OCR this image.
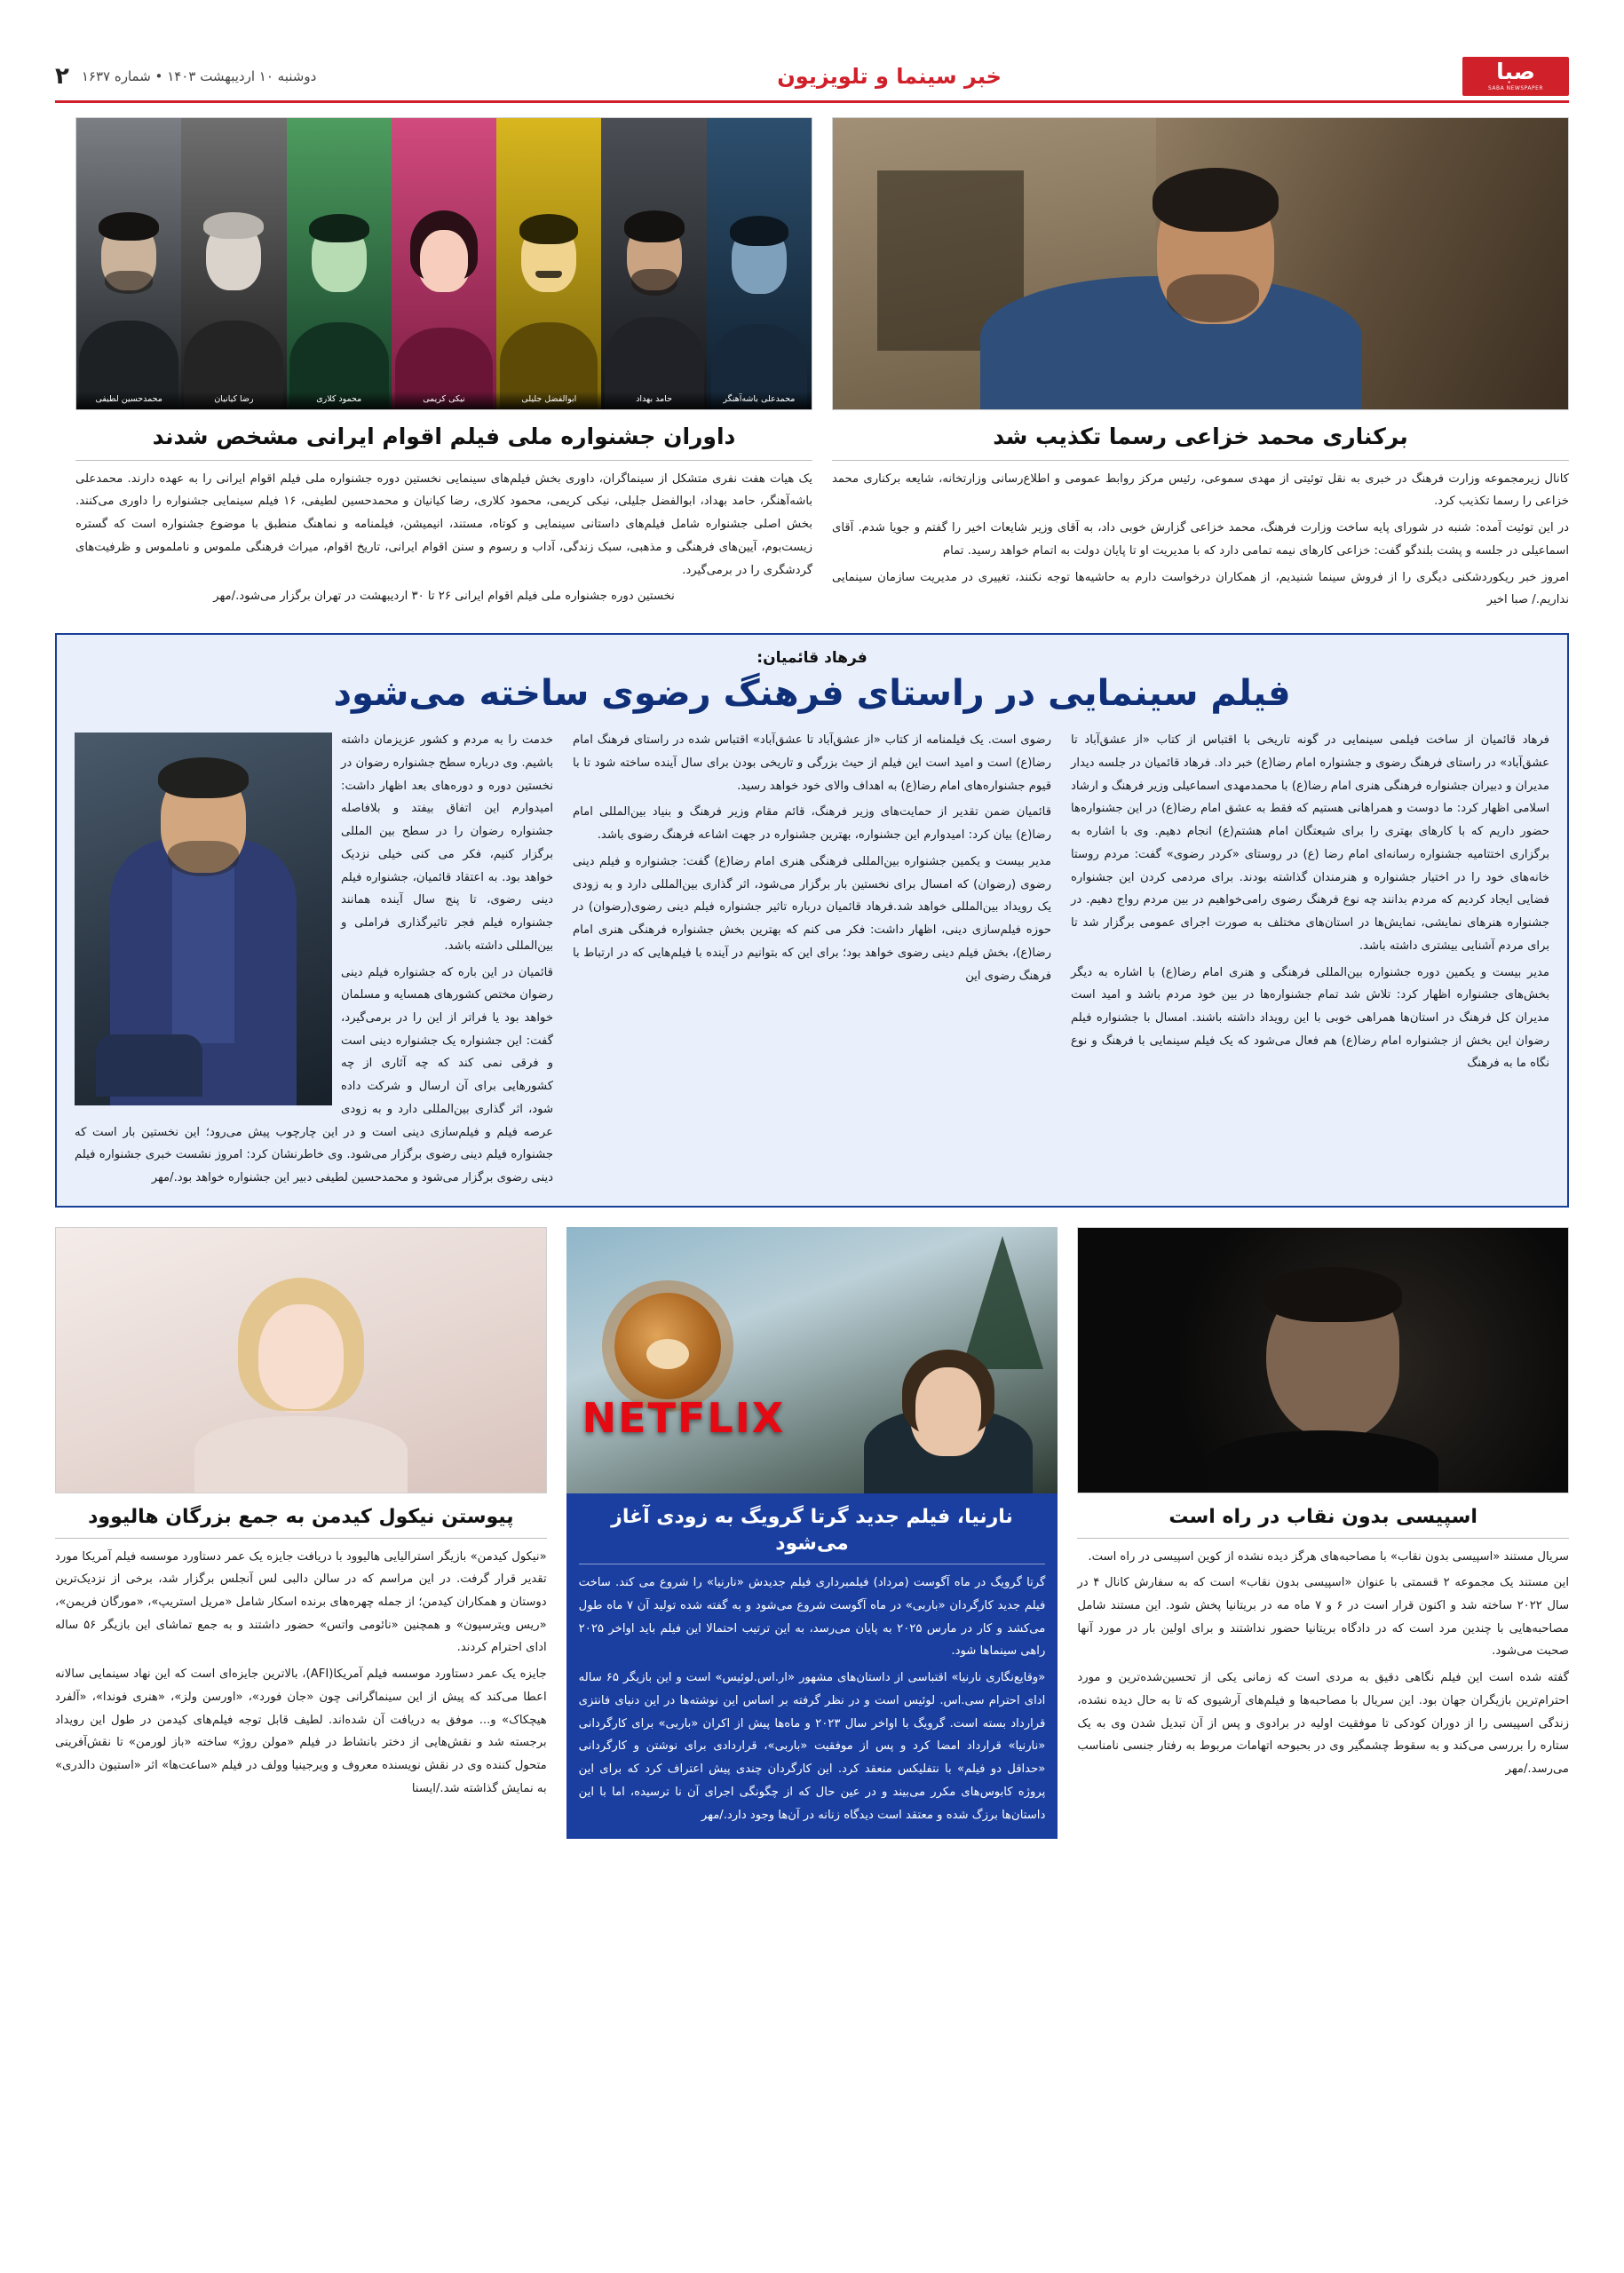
صبا
SABA NEWSPAPER
خبر سینما و تلویزیون
دوشنبه ۱۰ اردیبهشت ۱۴۰۳ • شماره ۱۶۳۷
۲
برکناری محمد خزاعی رسما تکذیب شد

کانال زیرمجموعه وزارت فرهنگ در خبری به نقل توئیتی از مهدی سموعی، رئیس مرکز روابط عمومی و اطلاع‌رسانی وزارتخانه، شایعه برکناری محمد خزاعی را رسما تکذیب کرد.

در این توئیت آمده: شنبه در شورای پایه ساخت وزارت فرهنگ، محمد خزاعی گزارش خوبی داد، به آقای وزیر شایعات اخیر را گفتم و جویا شدم. آقای اسماعیلی در جلسه و پشت بلندگو گفت: خزاعی کارهای نیمه تمامی دارد که با مدیریت او تا پایان دولت به اتمام خواهد رسید. تمام

امروز خبر ریکوردشکنی دیگری را از فروش سینما شنیدیم، از همکاران درخواست دارم به حاشیه‌ها توجه نکنند، تغییری در مدیریت سازمان سینمایی نداریم./ صبا اخیر

محمدعلی باشه‌آهنگر
حامد بهداد
ابوالفضل جلیلی
نیکی کریمی
محمود کلاری
رضا کیانیان
محمدحسین لطیفی
داوران جشنواره ملی فیلم اقوام ایرانی مشخص شدند

یک هیات هفت نفری متشکل از سینماگران، داوری بخش فیلم‌های سینمایی نخستین دوره جشنواره ملی فیلم اقوام ایرانی را به عهده دارند. محمدعلی باشه‌آهنگر، حامد بهداد، ابوالفضل جلیلی، نیکی کریمی، محمود کلاری، رضا کیانیان و محمدحسین لطیفی، ۱۶ فیلم سینمایی جشنواره را داوری می‌کنند. بخش اصلی جشنواره شامل فیلم‌های داستانی سینمایی و کوتاه، مستند، انیمیشن، فیلمنامه و نماهنگ منطبق با موضوع جشنواره است که گستره زیست‌بوم، آیین‌های فرهنگی و مذهبی، سبک زندگی، آداب و رسوم و سنن اقوام ایرانی، تاریخ اقوام، میراث فرهنگی ملموس و ناملموس و ظرفیت‌های گردشگری را در برمی‌گیرد.

نخستین دوره جشنواره ملی فیلم اقوام ایرانی ۲۶ تا ۳۰ اردیبهشت در تهران برگزار می‌شود./مهر

فرهاد قائمیان:
فیلم سینمایی در راستای فرهنگ رضوی ساخته می‌شود

فرهاد قائمیان از ساخت فیلمی سینمایی در گونه تاریخی با اقتباس از کتاب «از عشق‌آباد تا عشق‌آباد» در راستای فرهنگ رضوی و جشنواره امام رضا(ع) خبر داد. فرهاد قائمیان در جلسه دیدار مدیران و دبیران جشنواره فرهنگی هنری امام رضا(ع) با محمدمهدی اسماعیلی وزیر فرهنگ و ارشاد اسلامی اظهار کرد: ما دوست و همراهانی هستیم که فقط به عشق امام رضا(ع) در این جشنواره‌ها حضور داریم که با کارهای بهتری را برای شیعتگان امام هشتم(ع) انجام دهیم. وی با اشاره به برگزاری اختتامیه جشنواره رسانه‌ای امام رضا (ع) در روستای «کردر رضوی» گفت: مردم روستا خانه‌های خود را در اختیار جشنواره و هنرمندان گذاشته بودند. برای مردمی کردن این جشنواره فضایی ایجاد کردیم که مردم بدانند چه نوع فرهنگ رضوی رامی‌خواهیم در بین مردم رواج دهیم. در جشنواره هنرهای نمایشی، نمایش‌ها در استان‌های مختلف به صورت اجرای عمومی برگزار شد تا برای مردم آشنایی بیشتری داشته باشد.

مدیر بیست و یکمین دوره جشنواره بین‌المللی فرهنگی و هنری امام رضا(ع) با اشاره به دیگر بخش‌های جشنواره اظهار کرد: تلاش شد تمام جشنواره‌ها در بین خود مردم باشد و امید است مدیران کل فرهنگ در استان‌ها همراهی خوبی با این رویداد داشته باشند. امسال با جشنواره فیلم رضوان این بخش از جشنواره امام رضا(ع) هم فعال می‌شود که یک فیلم سینمایی با فرهنگ و نوع نگاه ما به فرهنگ

رضوی است. یک فیلمنامه از کتاب «از عشق‌آباد تا عشق‌آباد» اقتباس شده در راستای فرهنگ امام رضا(ع) است و امید است این فیلم از حیث بزرگی و تاریخی بودن برای سال آینده ساخته شود تا با قیوم جشنواره‌های امام رضا(ع) به اهداف والای خود خواهد رسید.

قائمیان ضمن تقدیر از حمایت‌های وزیر فرهنگ، قائم مقام وزیر فرهنگ و بنیاد بین‌المللی امام رضا(ع) بیان کرد: امیدوارم این جشنواره، بهترین جشنواره در جهت اشاعه فرهنگ رضوی باشد.

مدیر بیست و یکمین جشنواره بین‌المللی فرهنگی هنری امام رضا(ع) گفت: جشنواره و فیلم دینی رضوی (رضوان) که امسال برای نخستین بار برگزار می‌شود، اثر گذاری بین‌المللی دارد و به زودی یک رویداد بین‌المللی خواهد شد.فرهاد قائمیان درباره تاثیر جشنواره فیلم دینی رضوی(رضوان) در حوزه فیلم‌سازی دینی، اظهار داشت: فکر می کنم که بهترین بخش جشنواره فرهنگی هنری امام رضا(ع)، بخش فیلم دینی رضوی خواهد بود؛ برای این که بتوانیم در آینده با فیلم‌هایی که در ارتباط با فرهنگ رضوی این

خدمت را به مردم و کشور عزیزمان داشته باشیم. وی درباره سطح جشنواره رضوان در نخستین دوره و دوره‌های بعد اظهار داشت: امیدوارم این اتفاق بیفتد و بلافاصله جشنواره رضوان را در سطح بین المللی برگزار کنیم، فکر می کنی خیلی نزدیک خواهد بود. به اعتقاد قائمیان، جشنواره فیلم دینی رضوی، تا پنج سال آینده همانند جشنواره فیلم فجر تاثیرگذاری فراملی و بین‌المللی داشته باشد.

قائمیان در این باره که جشنواره فیلم دینی رضوان مختص کشورهای همسایه و مسلمان خواهد بود یا فراتر از این را در برمی‌گیرد، گفت: این جشنواره یک جشنواره دینی است و فرقی نمی کند که چه آثاری از چه کشورهایی برای آن ارسال و شرکت داده شود، اثر گذاری بین‌المللی دارد و به زودی عرصه فیلم و فیلم‌سازی دینی است و در این چارچوب پیش می‌رود؛ این نخستین بار است که جشنواره فیلم دینی رضوی برگزار می‌شود. وی خاطرنشان کرد: امروز نشست خبری جشنواره فیلم دینی رضوی برگزار می‌شود و محمدحسین لطیفی دبیر این جشنواره خواهد بود./مهر

اسپیسی بدون نقاب در راه است

سریال مستند «اسپیسی بدون نقاب» با مصاحبه‌های هرگز دیده نشده از کوین اسپیسی در راه است.

این مستند یک مجموعه ۲ قسمتی با عنوان «اسپیسی بدون نقاب» است که به سفارش کانال ۴ در سال ۲۰۲۲ ساخته شد و اکنون قرار است در ۶ و ۷ ماه مه در بریتانیا پخش شود. این مستند شامل مصاحبه‌هایی با چندین مرد است که در دادگاه بریتانیا حضور نداشتند و برای اولین بار در مورد آنها صحبت می‌شود.

گفته شده است این فیلم نگاهی دقیق به مردی است که زمانی یکی از تحسین‌شده‌ترین و مورد احترام‌ترین بازیگران جهان بود. این سریال با مصاحبه‌ها و فیلم‌های آرشیوی که تا به حال دیده نشده، زندگی اسپیسی را از دوران کودکی تا موفقیت اولیه در برادوی و پس از آن تبدیل شدن وی به یک ستاره را بررسی می‌کند و به سقوط چشمگیر وی در بحبوحه اتهامات مربوط به رفتار جنسی نامناسب می‌رسد./مهر

NETFLIX
نارنیا، فیلم جدید گرتا گرویگ به زودی آغاز می‌شود

گرتا گرویگ در ماه آگوست (مرداد) فیلمبرداری فیلم جدیدش «نارنیا» را شروع می کند. ساخت فیلم جدید کارگردان «باربی» در ماه آگوست شروع می‌شود و به گفته شده تولید آن ۷ ماه طول می‌کشد و کار در مارس ۲۰۲۵ به پایان می‌رسد، به این ترتیب احتمالا این فیلم باید اواخر ۲۰۲۵ راهی سینماها شود.

«وقایع‌نگاری نارنیا» اقتباسی از داستان‌های مشهور «ار.اس.لوئیس» است و این بازیگر ۶۵ ساله ادای احترام سی.اس. لوئیس است و در نظر گرفته بر اساس این نوشته‌ها در این دنیای فانتزی قرارداد بسته است. گرویگ با اواخر سال ۲۰۲۳ و ماه‌ها پیش از اکران «باربی» برای کارگردانی «نارنیا» قرارداد امضا کرد و پس از موفقیت «باربی»، قراردادی برای نوشتن و کارگردانی «حداقل دو فیلم» با نتفلیکس منعقد کرد. این کارگردان چندی پیش اعتراف کرد که برای این پروژه کابوس‌های مکرر می‌بیند و در عین حال که از چگونگی اجرای آن نا ترسیده، اما با این داستان‌ها برزگ شده و معتقد است دیدگاه زنانه در آن‌ها وجود دارد./مهر

پیوستن نیکول کیدمن به جمع بزرگان هالیوود

«نیکول کیدمن» بازیگر استرالیایی هالیوود با دریافت جایزه یک عمر دستاورد موسسه فیلم آمریکا مورد تقدیر قرار گرفت. در این مراسم که در سالن دالبی لس آنجلس برگزار شد، برخی از نزدیک‌ترین دوستان و همکاران کیدمن؛ از جمله چهره‌های برنده اسکار شامل «مریل استریپ»، «مورگان فریمن»، «ریس ویترسپون» و همچنین «نائومی واتس» حضور داشتند و به جمع تماشای این بازیگر ۵۶ ساله ادای احترام کردند.

جایزه یک عمر دستاورد موسسه فیلم آمریکا(AFI)، بالاترین جایزه‌ای است که این نهاد سینمایی سالانه اعطا می‌کند که پیش از این سینماگرانی چون «جان فورد»، «اورسن ولز»، «هنری فوندا»، «آلفرد هیچکاک» و... موفق به دریافت آن شده‌اند. لطیف قابل توجه فیلم‌های کیدمن در طول این رویداد برجسته شد و نقش‌هایی از دختر بانشاط در فیلم «مولن روژ» ساخته «باز لورمن» تا نقش‌آفرینی متحول کننده وی در نقش نویسنده معروف و ویرجینیا وولف در فیلم «ساعت‌ها» اثر «استیون دالدری» به نمایش گذاشته شد./ایسنا
